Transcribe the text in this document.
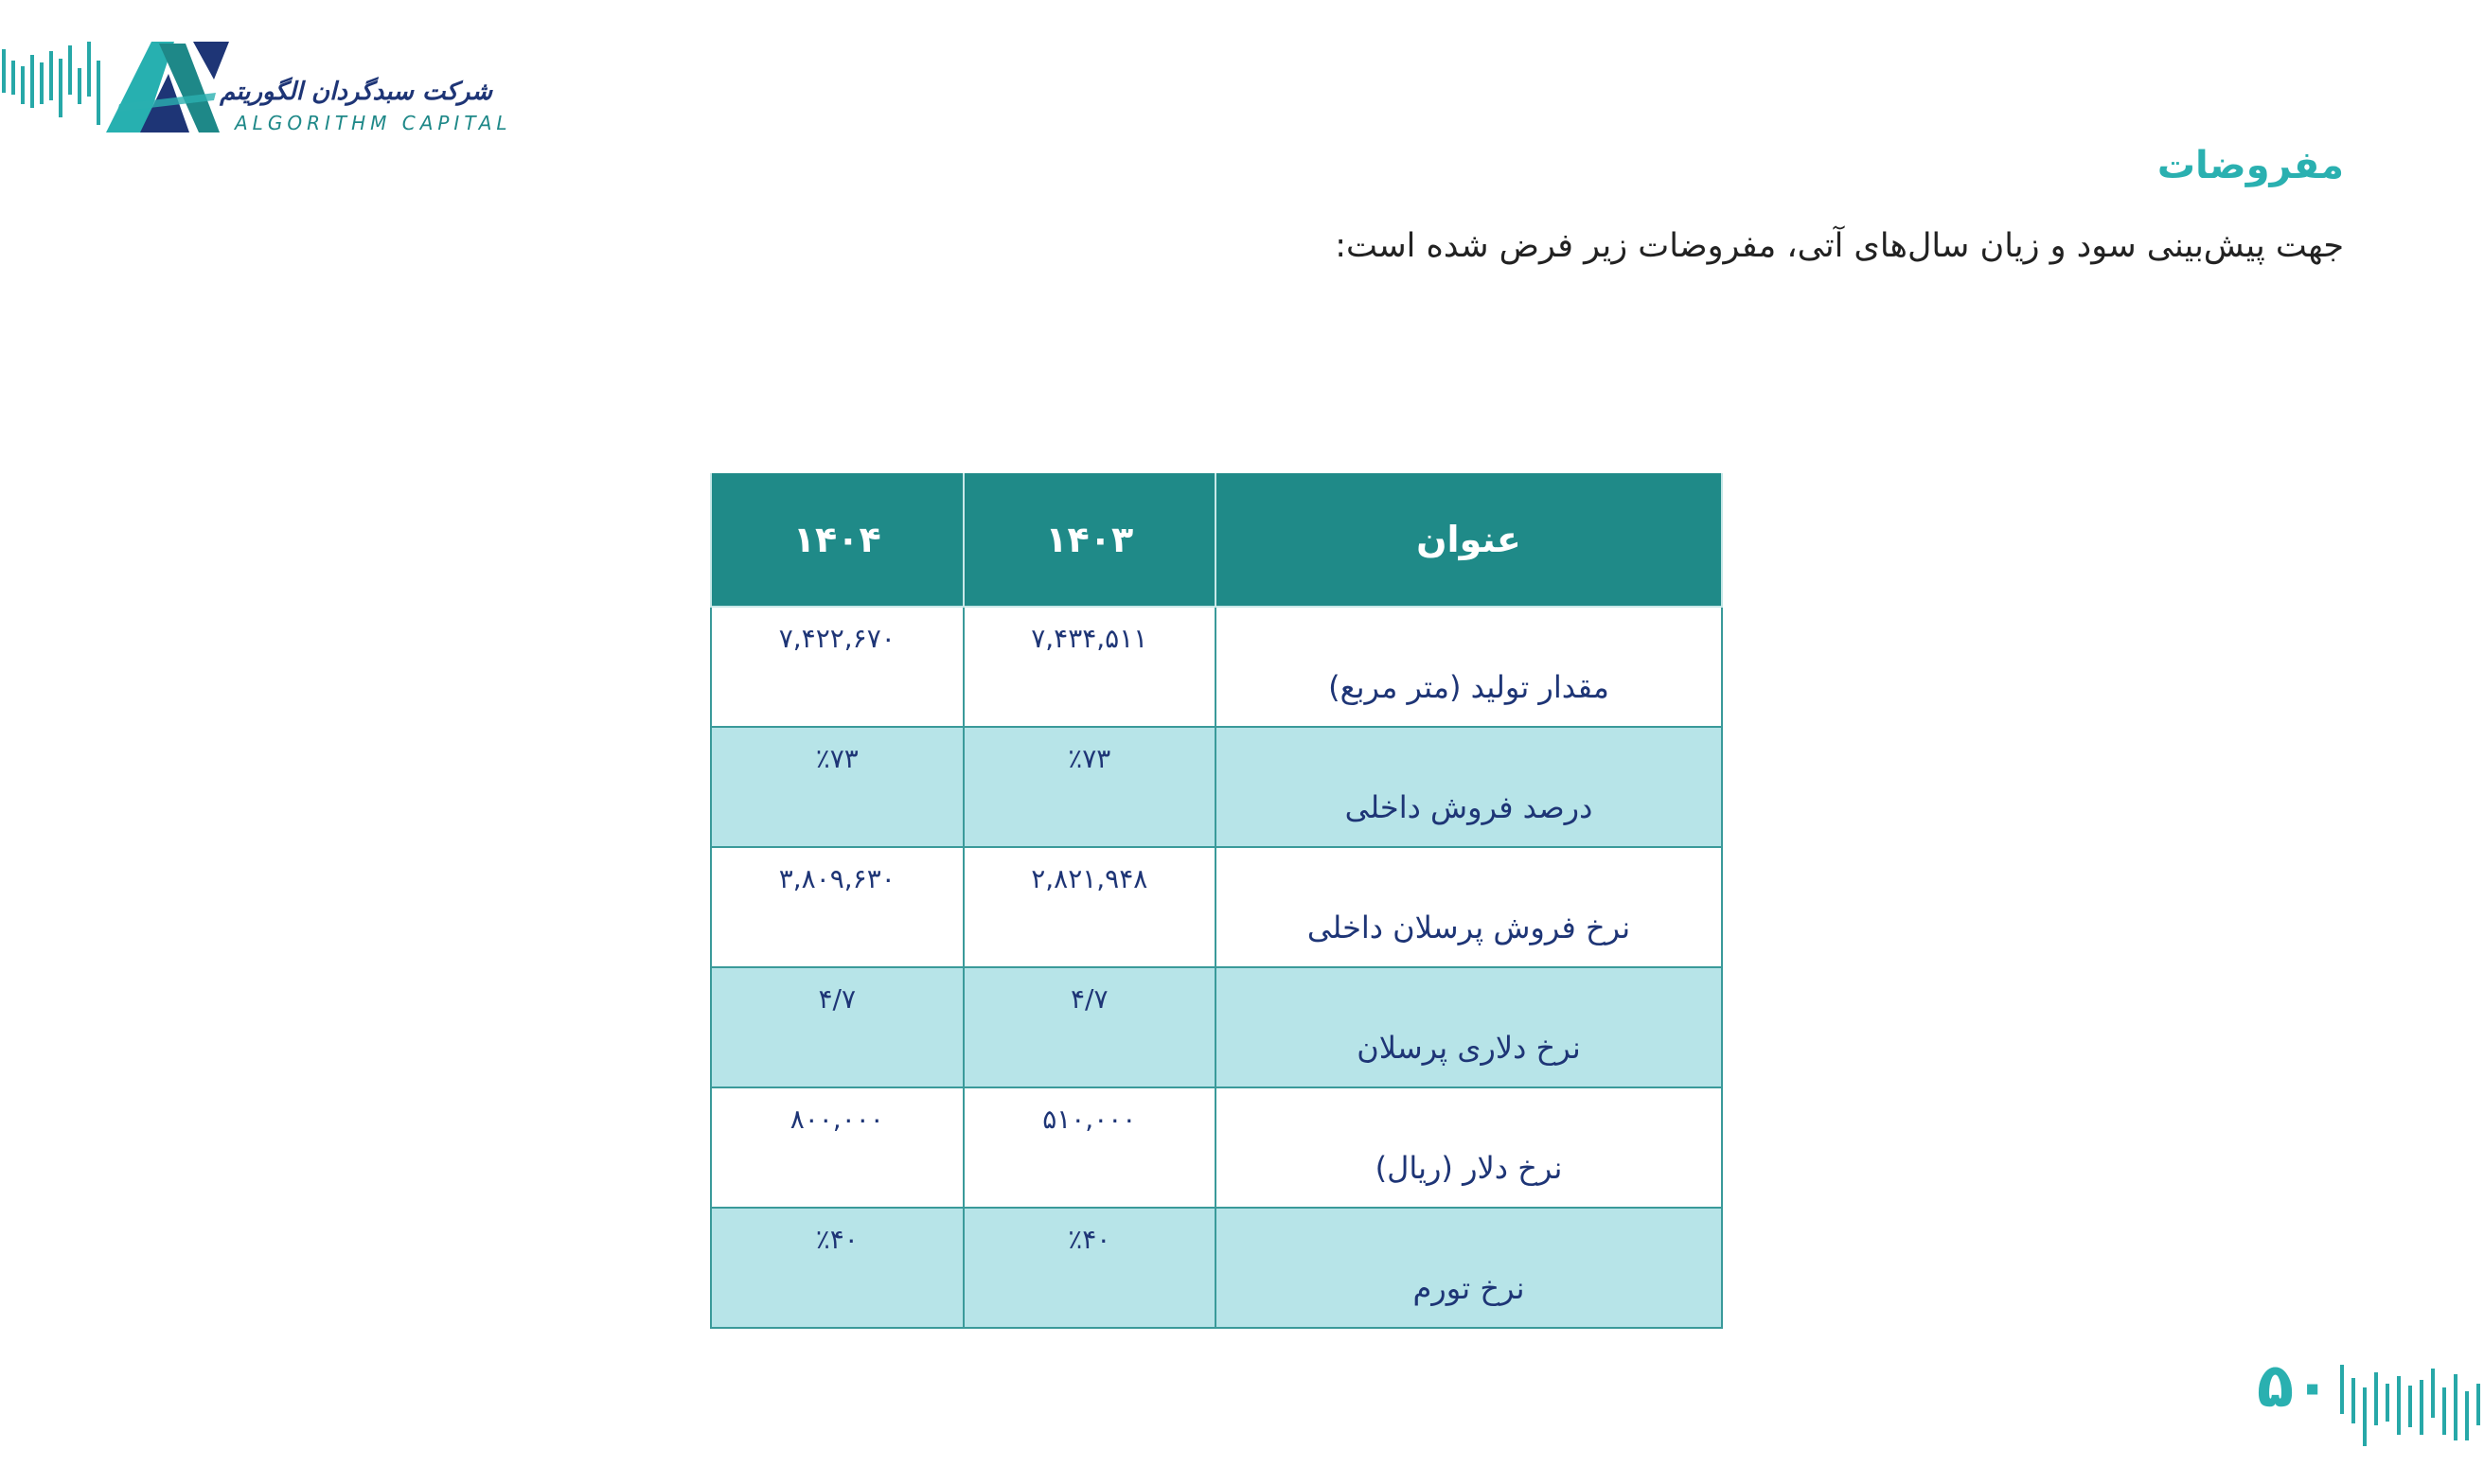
شرکت سبدگردان الگوریتم
ALGORITHM CAPITAL
مفروضات
جهت پیش‌بینی سود و زیان سال‌های آتی، مفروضات زیر فرض شده است:
عنوان	۱۴۰۳	۱۴۰۴
مقدار تولید (متر مربع)	۷,۴۳۴,۵۱۱	۷,۴۲۲,۶۷۰
درصد فروش داخلی	٪۷۳	٪۷۳
نرخ فروش پرسلان داخلی	۲,۸۲۱,۹۴۸	۳,۸۰۹,۶۳۰
نرخ دلاری پرسلان	۴/۷	۴/۷
نرخ دلار (ریال)	۵۱۰,۰۰۰	۸۰۰,۰۰۰
نرخ تورم	٪۴۰	٪۴۰
۵۰
